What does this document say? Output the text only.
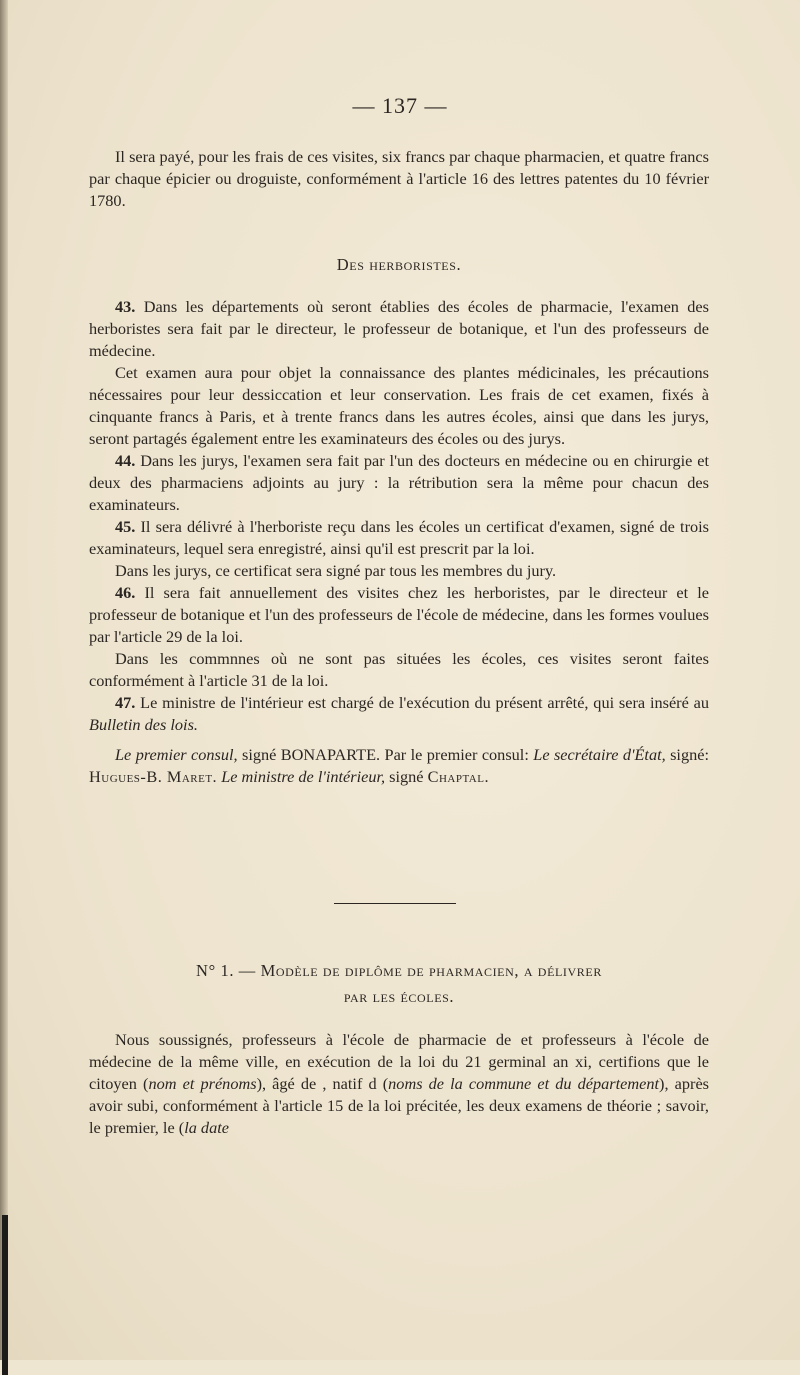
— 137 —

Il sera payé, pour les frais de ces visites, six francs par chaque pharmacien, et quatre francs par chaque épicier ou droguiste, conformément à l'article 16 des lettres patentes du 10 février 1780.

Des herboristes.

43. Dans les départements où seront établies des écoles de pharmacie, l'examen des herboristes sera fait par le directeur, le professeur de botanique, et l'un des professeurs de médecine.

Cet examen aura pour objet la connaissance des plantes médicinales, les précautions nécessaires pour leur dessiccation et leur conservation. Les frais de cet examen, fixés à cinquante francs à Paris, et à trente francs dans les autres écoles, ainsi que dans les jurys, seront partagés également entre les examinateurs des écoles ou des jurys.

44. Dans les jurys, l'examen sera fait par l'un des docteurs en médecine ou en chirurgie et deux des pharmaciens adjoints au jury : la rétribution sera la même pour chacun des examinateurs.

45. Il sera délivré à l'herboriste reçu dans les écoles un certificat d'examen, signé de trois examinateurs, lequel sera enregistré, ainsi qu'il est prescrit par la loi.

Dans les jurys, ce certificat sera signé par tous les membres du jury.

46. Il sera fait annuellement des visites chez les herboristes, par le directeur et le professeur de botanique et l'un des professeurs de l'école de médecine, dans les formes voulues par l'article 29 de la loi.

Dans les commnnes où ne sont pas situées les écoles, ces visites seront faites conformément à l'article 31 de la loi.

47. Le ministre de l'intérieur est chargé de l'exécution du présent arrêté, qui sera inséré au Bulletin des lois.

Le premier consul, signé BONAPARTE. Par le premier consul: Le secrétaire d'État, signé: Hugues-B. Maret. Le ministre de l'intérieur, signé Chaptal.

N° 1. — Modèle de diplôme de pharmacien, a délivrer

par les écoles.

Nous soussignés, professeurs à l'école de pharmacie de et professeurs à l'école de médecine de la même ville, en exécution de la loi du 21 germinal an xi, certifions que le citoyen (nom et prénoms), âgé de , natif d (noms de la commune et du département), après avoir subi, conformément à l'article 15 de la loi précitée, les deux examens de théorie ; savoir, le premier, le (la date
